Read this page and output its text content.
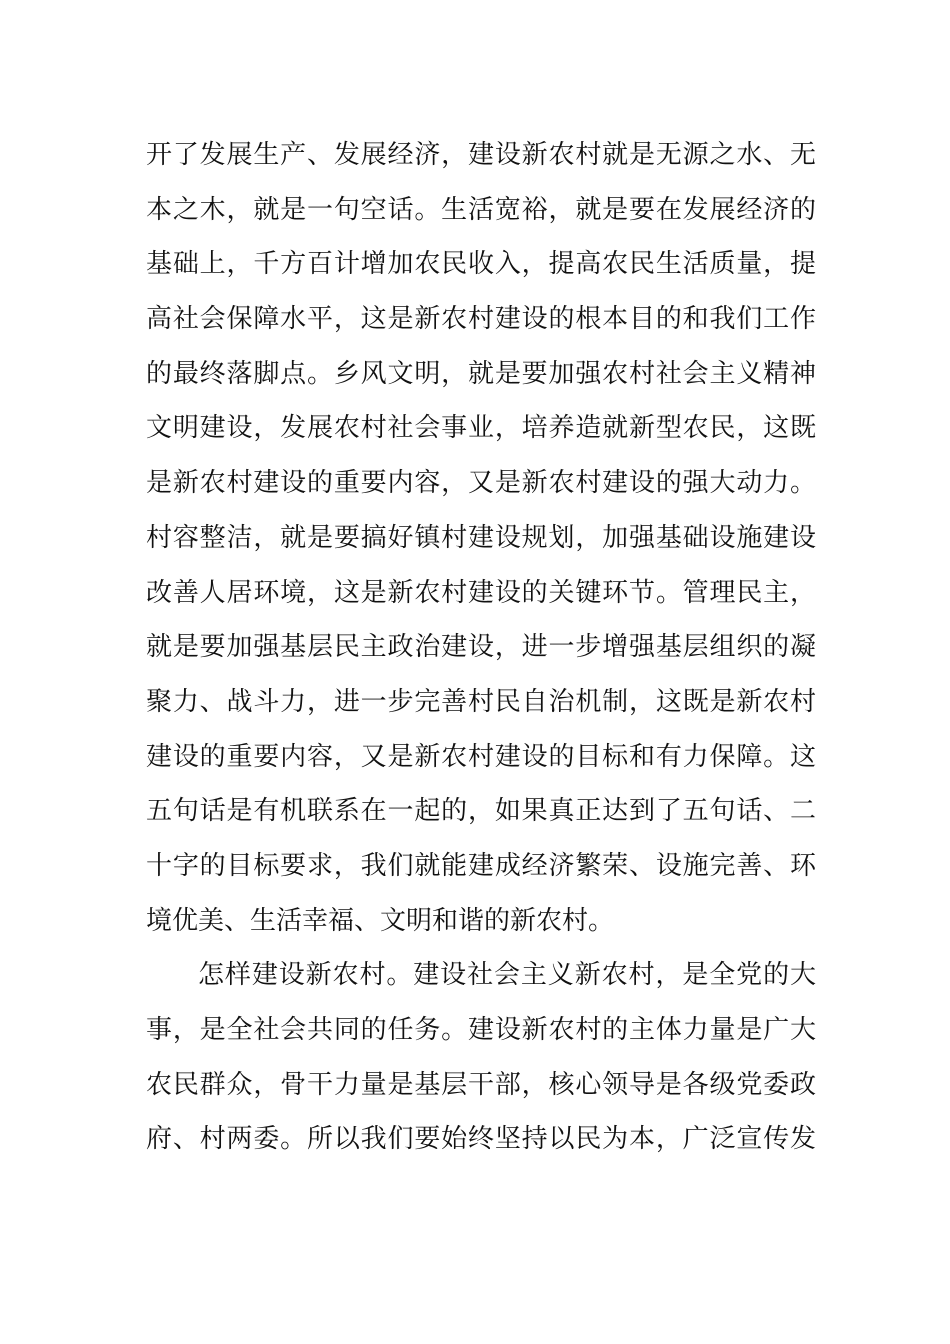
开了发展生产、发展经济，建设新农村就是无源之水、无
本之木，就是一句空话。生活宽裕，就是要在发展经济的
基础上，千方百计增加农民收入，提高农民生活质量，提
高社会保障水平，这是新农村建设的根本目的和我们工作
的最终落脚点。乡风文明，就是要加强农村社会主义精神
文明建设，发展农村社会事业，培养造就新型农民，这既
是新农村建设的重要内容，又是新农村建设的强大动力。
村容整洁，就是要搞好镇村建设规划，加强基础设施建设
改善人居环境，这是新农村建设的关键环节。管理民主，
就是要加强基层民主政治建设，进一步增强基层组织的凝
聚力、战斗力，进一步完善村民自治机制，这既是新农村
建设的重要内容，又是新农村建设的目标和有力保障。这
五句话是有机联系在一起的，如果真正达到了五句话、二
十字的目标要求，我们就能建成经济繁荣、设施完善、环
境优美、生活幸福、文明和谐的新农村。
怎样建设新农村。建设社会主义新农村，是全党的大
事，是全社会共同的任务。建设新农村的主体力量是广大
农民群众，骨干力量是基层干部，核心领导是各级党委政
府、村两委。所以我们要始终坚持以民为本，广泛宣传发
